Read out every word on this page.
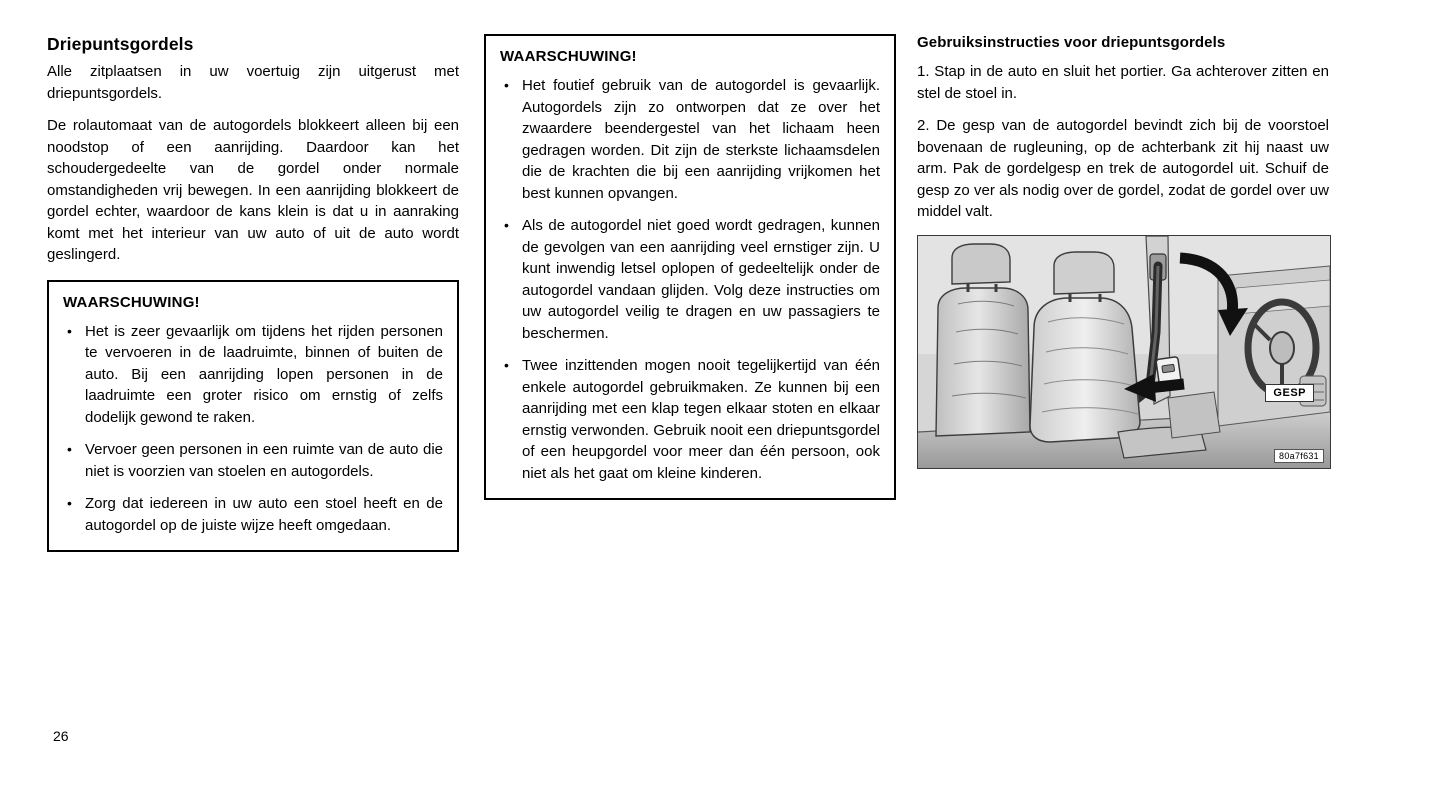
Driepuntsgordels

Alle zitplaatsen in uw voertuig zijn uitgerust met driepuntsgordels.

De rolautomaat van de autogordels blokkeert alleen bij een noodstop of een aanrijding. Daardoor kan het schoudergedeelte van de gordel onder normale omstandigheden vrij bewegen. In een aanrijding blokkeert de gordel echter, waardoor de kans klein is dat u in aanraking komt met het interieur van uw auto of uit de auto wordt geslingerd.

WAARSCHUWING!
• Het is zeer gevaarlijk om tijdens het rijden personen te vervoeren in de laadruimte, binnen of buiten de auto. Bij een aanrijding lopen personen in de laadruimte een groter risico om ernstig of zelfs dodelijk gewond te raken.
• Vervoer geen personen in een ruimte van de auto die niet is voorzien van stoelen en autogordels.
• Zorg dat iedereen in uw auto een stoel heeft en de autogordel op de juiste wijze heeft omgedaan.
WAARSCHUWING!
• Het foutief gebruik van de autogordel is gevaarlijk. Autogordels zijn zo ontworpen dat ze over het zwaardere beendergestel van het lichaam heen gedragen worden. Dit zijn de sterkste lichaamsdelen die de krachten die bij een aanrijding vrijkomen het best kunnen opvangen.
• Als de autogordel niet goed wordt gedragen, kunnen de gevolgen van een aanrijding veel ernstiger zijn. U kunt inwendig letsel oplopen of gedeeltelijk onder de autogordel vandaan glijden. Volg deze instructies om uw autogordel veilig te dragen en uw passagiers te beschermen.
• Twee inzittenden mogen nooit tegelijkertijd van één enkele autogordel gebruikmaken. Ze kunnen bij een aanrijding met een klap tegen elkaar stoten en elkaar ernstig verwonden. Gebruik nooit een driepuntsgordel of een heupgordel voor meer dan één persoon, ook niet als het gaat om kleine kinderen.
Gebruiksinstructies voor driepuntsgordels

1. Stap in de auto en sluit het portier. Ga achterover zitten en stel de stoel in.

2. De gesp van de autogordel bevindt zich bij de voorstoel bovenaan de rugleuning, op de achterbank zit hij naast uw arm. Pak de gordelgesp en trek de autogordel uit. Schuif de gesp zo ver als nodig over de gordel, zodat de gordel over uw middel valt.

GESP
80a7f631
26
